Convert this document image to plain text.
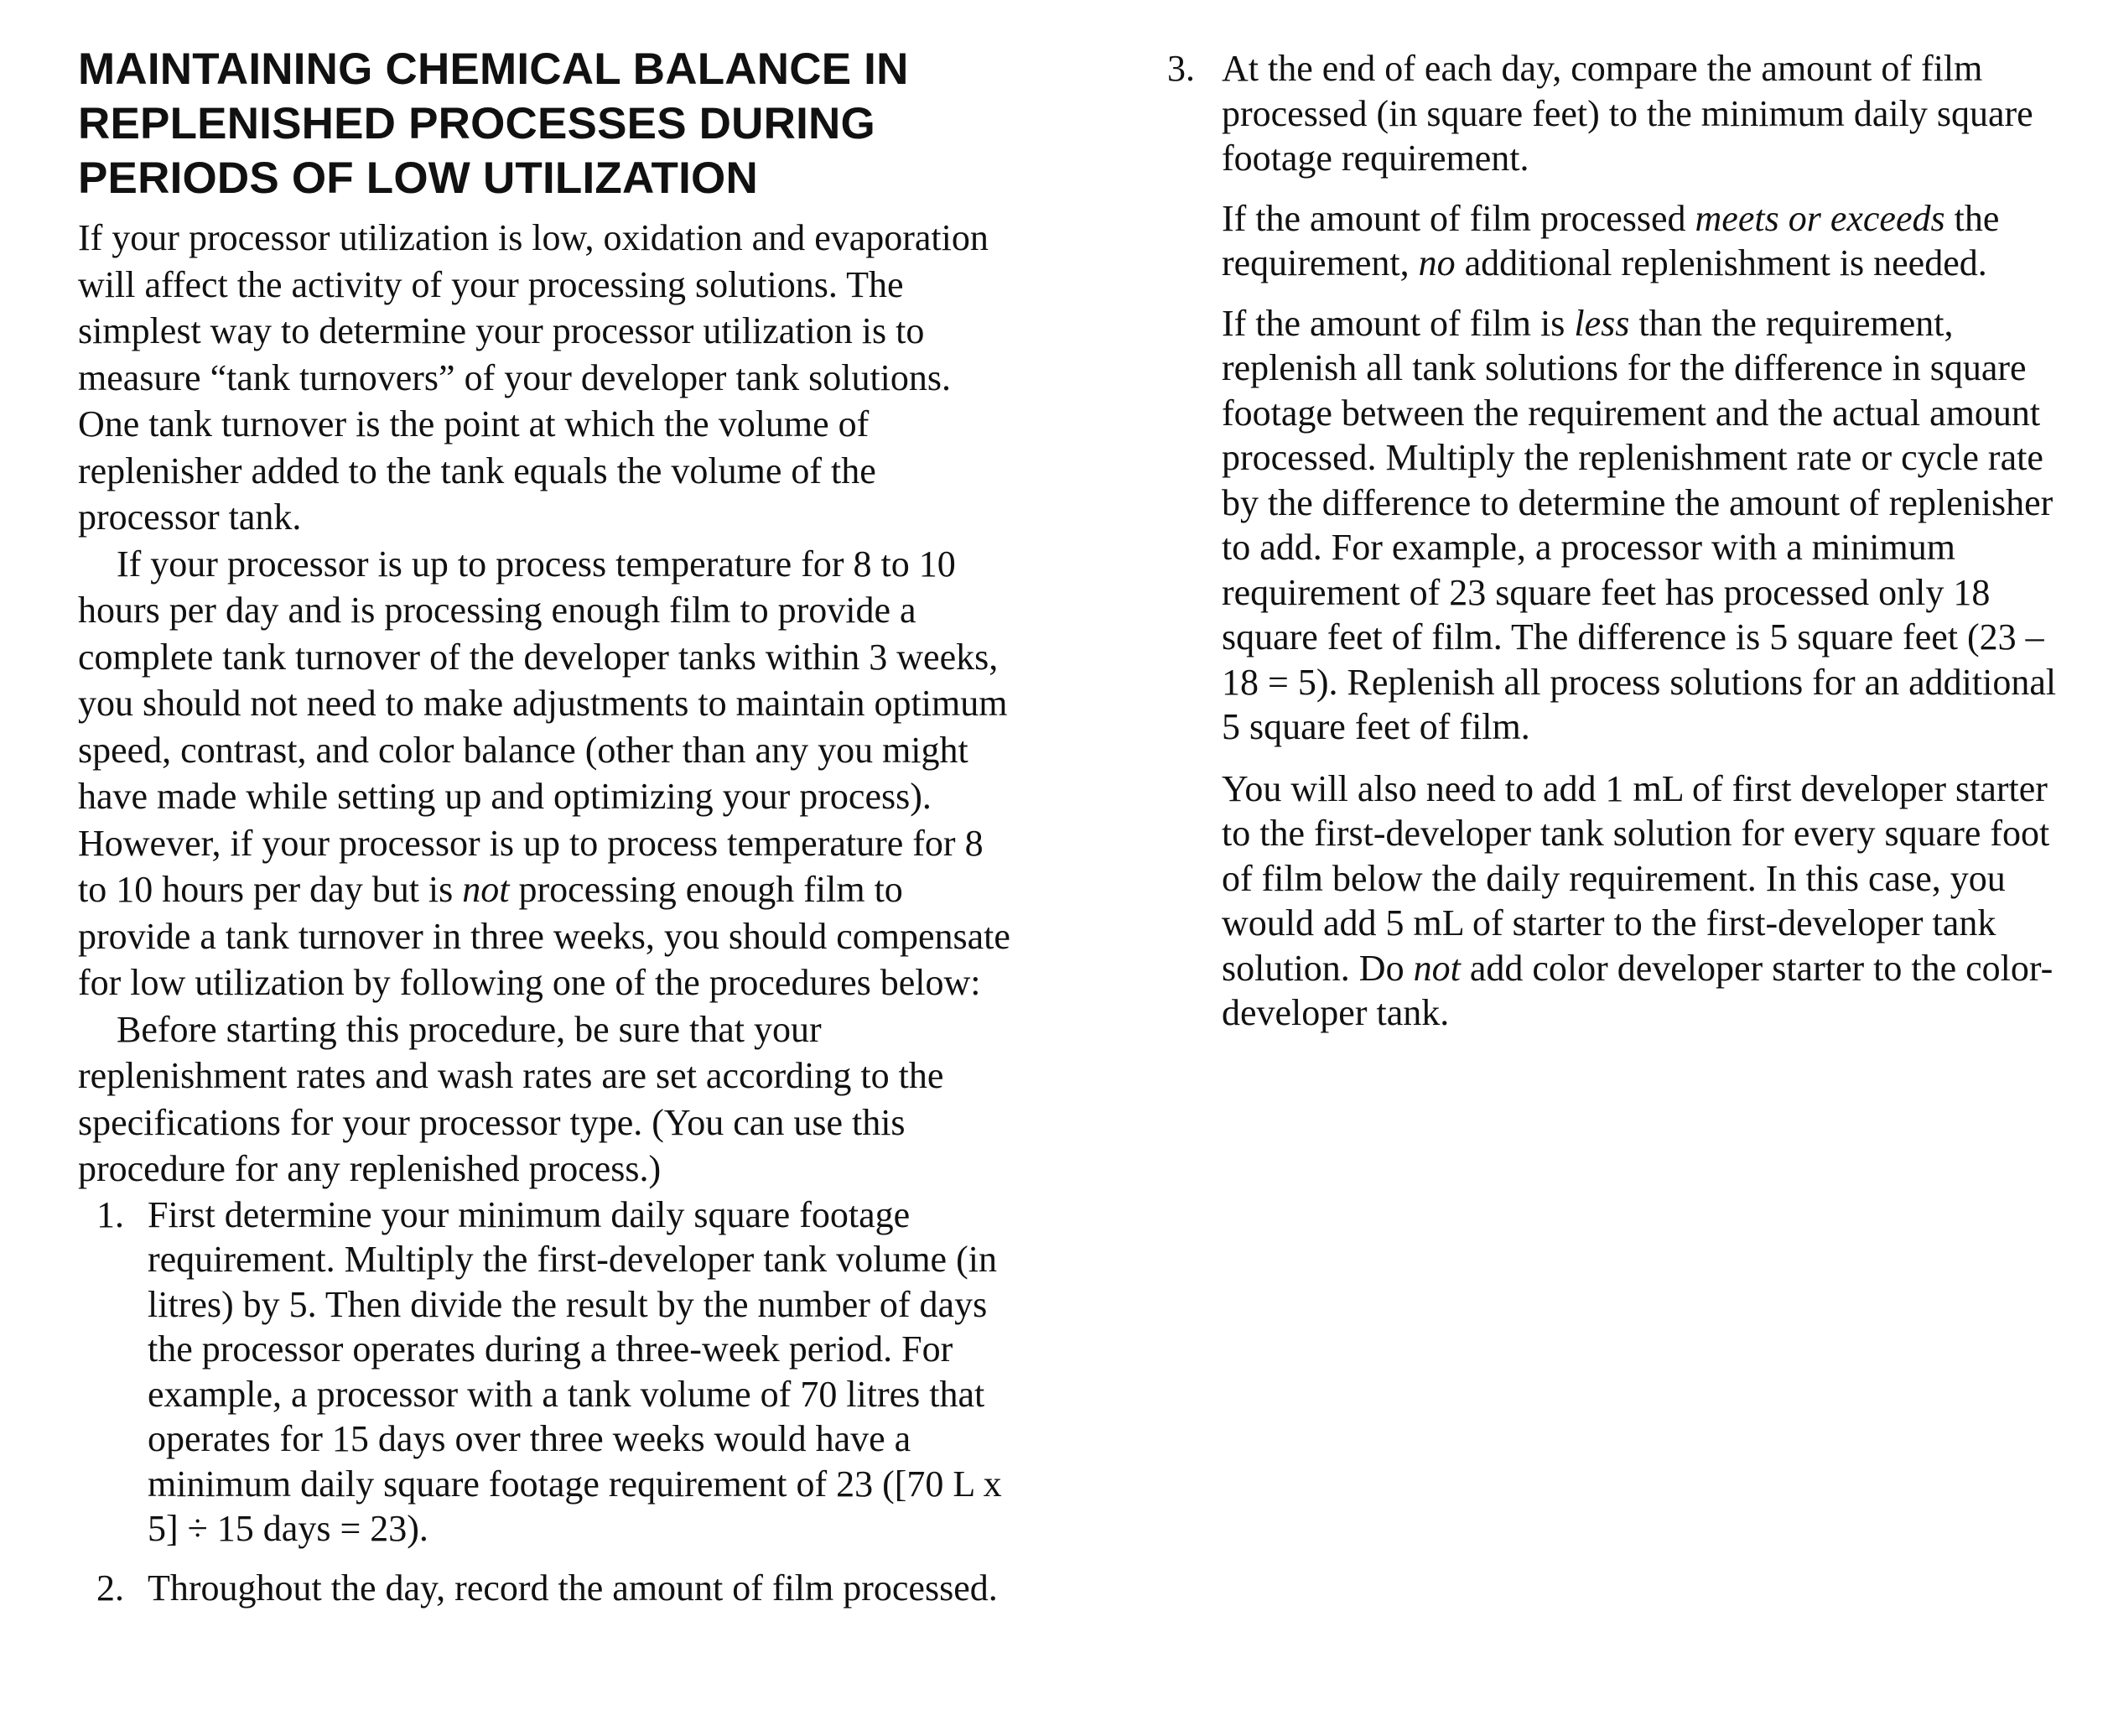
MAINTAINING CHEMICAL BALANCE IN REPLENISHED PROCESSES DURING PERIODS OF LOW UTILIZATION

If your processor utilization is low, oxidation and evaporation will affect the activity of your processing solutions. The simplest way to determine your processor utilization is to measure “tank turnovers” of your developer tank solutions. One tank turnover is the point at which the volume of replenisher added to the tank equals the volume of the processor tank.

If your processor is up to process temperature for 8 to 10 hours per day and is processing enough film to provide a complete tank turnover of the developer tanks within 3 weeks, you should not need to make adjustments to maintain optimum speed, contrast, and color balance (other than any you might have made while setting up and optimizing your process). However, if your processor is up to process temperature for 8 to 10 hours per day but is not processing enough film to provide a tank turnover in three weeks, you should compensate for low utilization by following one of the procedures below:

Before starting this procedure, be sure that your replenishment rates and wash rates are set according to the specifications for your processor type. (You can use this procedure for any replenished process.)

1. First determine your minimum daily square footage requirement. Multiply the first-developer tank volume (in litres) by 5. Then divide the result by the number of days the processor operates during a three-week period. For example, a processor with a tank volume of 70 litres that operates for 15 days over three weeks would have a minimum daily square footage requirement of 23 ([70 L x 5] ÷ 15 days = 23).
2. Throughout the day, record the amount of film processed.
3. At the end of each day, compare the amount of film processed (in square feet) to the minimum daily square footage requirement.

If the amount of film processed meets or exceeds the requirement, no additional replenishment is needed.

If the amount of film is less than the requirement, replenish all tank solutions for the difference in square footage between the requirement and the actual amount processed. Multiply the replenishment rate or cycle rate by the difference to determine the amount of replenisher to add. For example, a processor with a minimum requirement of 23 square feet has processed only 18 square feet of film. The difference is 5 square feet (23 – 18 = 5). Replenish all process solutions for an additional 5 square feet of film.

You will also need to add 1 mL of first developer starter to the first-developer tank solution for every square foot of film below the daily requirement. In this case, you would add 5 mL of starter to the first-developer tank solution. Do not add color developer starter to the color-developer tank.
